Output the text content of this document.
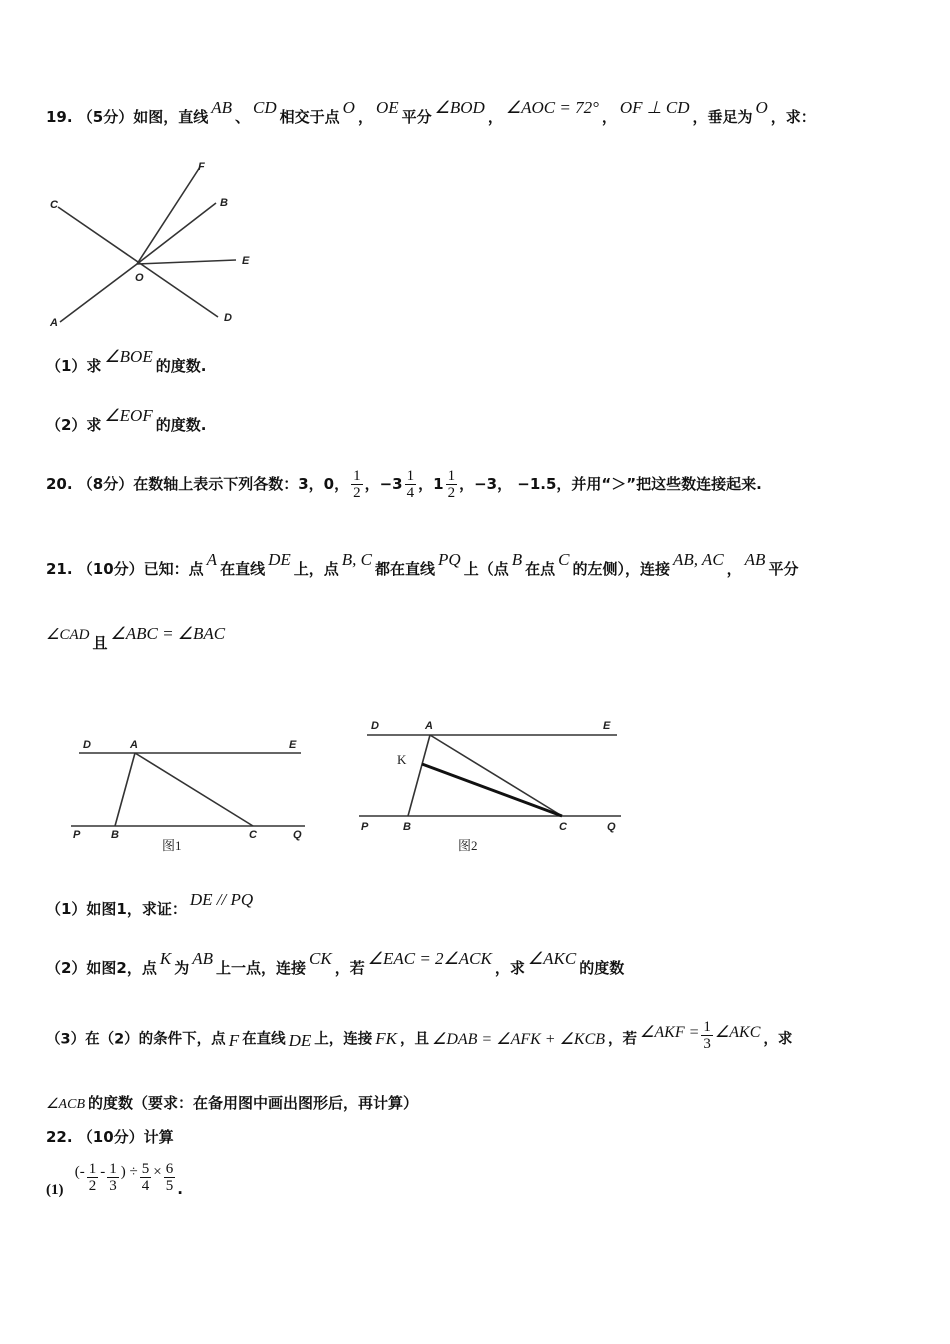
19. （5分）如图，直线 AB 、 CD 相交于点 O ， OE 平分 ∠BOD ， ∠AOC = 72° ， OF ⊥ CD ，垂足为 O ，求：
F
B
E
C
O
A	D
（1）求 ∠BOE 的度数.
（2）求 ∠EOF 的度数.
20. （8分）在数轴上表示下列各数：3，0， $\frac{1}{2}$ ，$-3 \frac{1}{4}$ ，$1 \frac{1}{2}$ ，−3， −1.5，并用“＞”把这些数连接起来.
21. （10分）已知：点 A 在直线 DE 上，点 B, C 都在直线 PQ 上（点 B 在点 C 的左侧），连接 AB, AC ， AB 平分
∠CAD 且 ∠ABC = ∠BAC
D	A	E
P	B	C	Q
图1
D	A	E
K
P	B	C	Q
图2
（1）如图1，求证： DE // PQ
（2）如图2，点 K 为 AB 上一点，连接 CK ，若 ∠EAC = 2∠ACK ，求 ∠AKC 的度数
（3）在（2）的条件下，点 F 在直线 DE 上，连接 FK ，且 ∠DAB = ∠AFK + ∠KCB ，若 ∠AKF = $\frac{1}{3}$ ∠AKC ，求
∠ACB 的度数（要求：在备用图中画出图形后，再计算）
22. （10分）计算
(1) (- $\frac{1}{2} - \frac{1}{3}$ ) ÷ $\frac{5}{4} \times \frac{6}{5}$ .
